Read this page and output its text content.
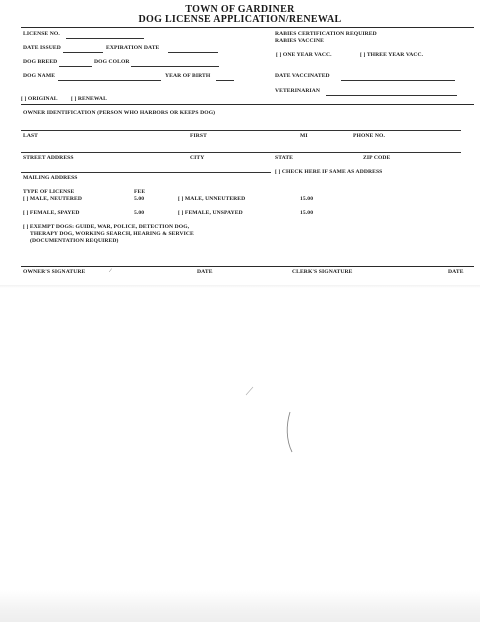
TOWN OF GARDINER
DOG LICENSE APPLICATION/RENEWAL
LICENSE NO.
DATE ISSUED	EXPIRATION DATE
DOG BREED	DOG COLOR
DOG NAME	YEAR OF BIRTH
[ ] ORIGINAL [ ] RENEWAL
RABIES CERTIFICATION REQUIRED
RABIES VACCINE
[ ] ONE YEAR VACC.	[ ] THREE YEAR VACC.
DATE VACCINATED
VETERINARIAN
OWNER IDENTIFICATION (PERSON WHO HARBORS OR KEEPS DOG)
LAST	FIRST	MI	PHONE NO.
STREET ADDRESS	CITY	STATE	ZIP CODE
[ ] CHECK HERE IF SAME AS ADDRESS
MAILING ADDRESS
TYPE OF LICENSE	FEE
[ ] MALE, NEUTERED	5.00	[ ] MALE, UNNEUTERED	15.00
[ ] FEMALE, SPAYED	5.00	[ ] FEMALE, UNSPAYED	15.00
[ ] EXEMPT DOGS: GUIDE, WAR, POLICE, DETECTION DOG,
THERAPY DOG, WORKING SEARCH, HEARING & SERVICE
(DOCUMENTATION REQUIRED)
OWNER'S SIGNATURE	⁄	DATE	CLERK'S SIGNATURE	DATE
